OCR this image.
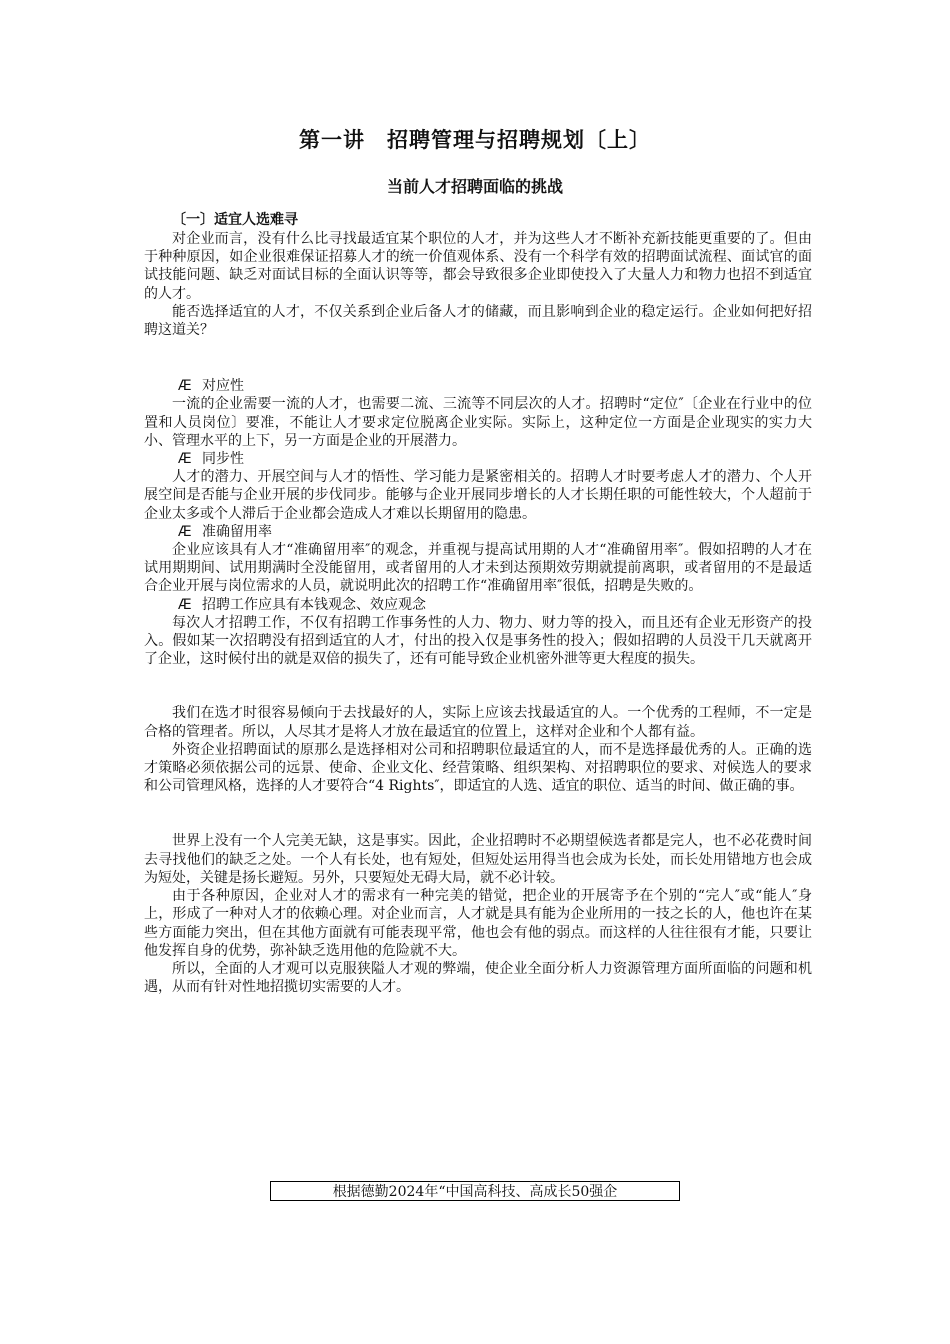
第一讲　招聘管理与招聘规划〔上〕
当前人才招聘面临的挑战
〔一〕适宜人选难寻

对企业而言，没有什么比寻找最适宜某个职位的人才，并为这些人才不断补充新技能更重要的了。但由于种种原因，如企业很难保证招募人才的统一价值观体系、没有一个科学有效的招聘面试流程、面试官的面试技能问题、缺乏对面试目标的全面认识等等，都会导致很多企业即使投入了大量人力和物力也招不到适宜的人才。

能否选择适宜的人才，不仅关系到企业后备人才的储藏，而且影响到企业的稳定运行。企业如何把好招聘这道关？

Æ 对应性

一流的企业需要一流的人才，也需要二流、三流等不同层次的人才。招聘时“定位″〔企业在行业中的位置和人员岗位〕要准，不能让人才要求定位脱离企业实际。实际上，这种定位一方面是企业现实的实力大小、管理水平的上下，另一方面是企业的开展潜力。

Æ 同步性

人才的潜力、开展空间与人才的悟性、学习能力是紧密相关的。招聘人才时要考虑人才的潜力、个人开展空间是否能与企业开展的步伐同步。能够与企业开展同步增长的人才长期任职的可能性较大，个人超前于企业太多或个人滞后于企业都会造成人才难以长期留用的隐患。

Æ 准确留用率

企业应该具有人才“准确留用率″的观念，并重视与提高试用期的人才“准确留用率″。假如招聘的人才在试用期期间、试用期满时全没能留用，或者留用的人才未到达预期效劳期就提前离职，或者留用的不是最适合企业开展与岗位需求的人员，就说明此次的招聘工作“准确留用率″很低，招聘是失败的。

Æ 招聘工作应具有本钱观念、效应观念

每次人才招聘工作，不仅有招聘工作事务性的人力、物力、财力等的投入，而且还有企业无形资产的投入。假如某一次招聘没有招到适宜的人才，付出的投入仅是事务性的投入；假如招聘的人员没干几天就离开了企业，这时候付出的就是双倍的损失了，还有可能导致企业机密外泄等更大程度的损失。

我们在选才时很容易倾向于去找最好的人，实际上应该去找最适宜的人。一个优秀的工程师，不一定是合格的管理者。所以，人尽其才是将人才放在最适宜的位置上，这样对企业和个人都有益。

外资企业招聘面试的原那么是选择相对公司和招聘职位最适宜的人，而不是选择最优秀的人。正确的选才策略必须依据公司的远景、使命、企业文化、经营策略、组织架构、对招聘职位的要求、对候选人的要求和公司管理风格，选择的人才要符合“4 Rights″，即适宜的人选、适宜的职位、适当的时间、做正确的事。

世界上没有一个人完美无缺，这是事实。因此，企业招聘时不必期望候选者都是完人，也不必花费时间去寻找他们的缺乏之处。一个人有长处，也有短处，但短处运用得当也会成为长处，而长处用错地方也会成为短处，关键是扬长避短。另外，只要短处无碍大局，就不必计较。

由于各种原因，企业对人才的需求有一种完美的错觉，把企业的开展寄予在个别的“完人″或“能人″身上，形成了一种对人才的依赖心理。对企业而言，人才就是具有能为企业所用的一技之长的人，他也许在某些方面能力突出，但在其他方面就有可能表现平常，他也会有他的弱点。而这样的人往往很有才能，只要让他发挥自身的优势，弥补缺乏选用他的危险就不大。

所以，全面的人才观可以克服狭隘人才观的弊端，使企业全面分析人力资源管理方面所面临的问题和机遇，从而有针对性地招揽切实需要的人才。

根据德勤2024年“中国高科技、高成长50强企
